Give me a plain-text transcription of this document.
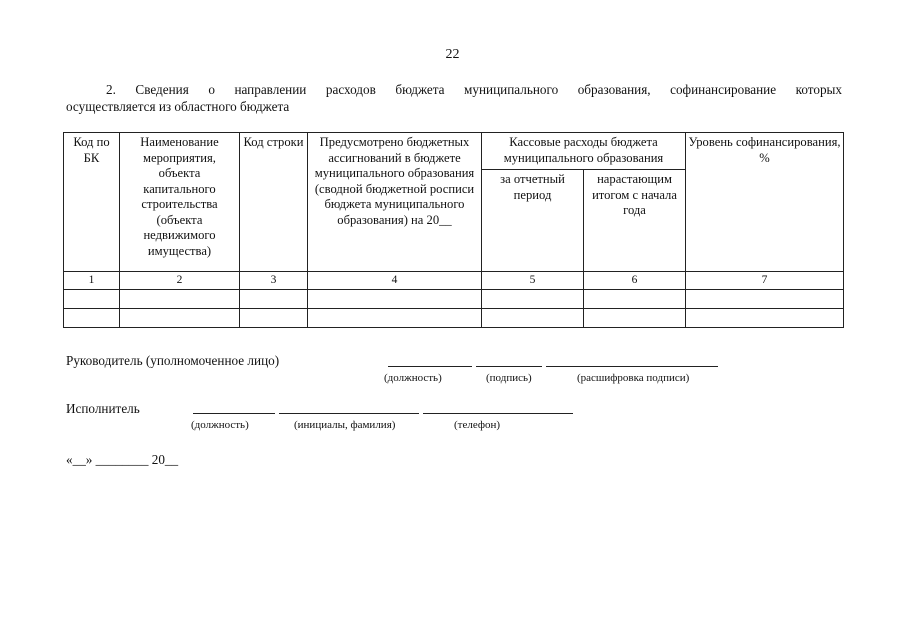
22
2. Сведения о направлении расходов бюджета муниципального образования, софинансирование которых
осуществляется из областного бюджета
Код по БК	Наименование мероприятия, объекта капитального строительства (объекта недвижимого имущества)	Код строки	Предусмотрено бюджетных ассигнований в бюджете муниципального образования (сводной бюджетной росписи бюджета муниципального образования) на 20__	Кассовые расходы бюджета муниципального образования		Уровень софинансирования, %
				за отчетный период	нарастающим итогом с начала года	
1	2	3	4	5	6	7

Руководитель (уполномоченное лицо)
(должность)	(подпись)	(расшифровка подписи)
Исполнитель
(должность)	(инициалы, фамилия)	(телефон)
«__» ________ 20__
